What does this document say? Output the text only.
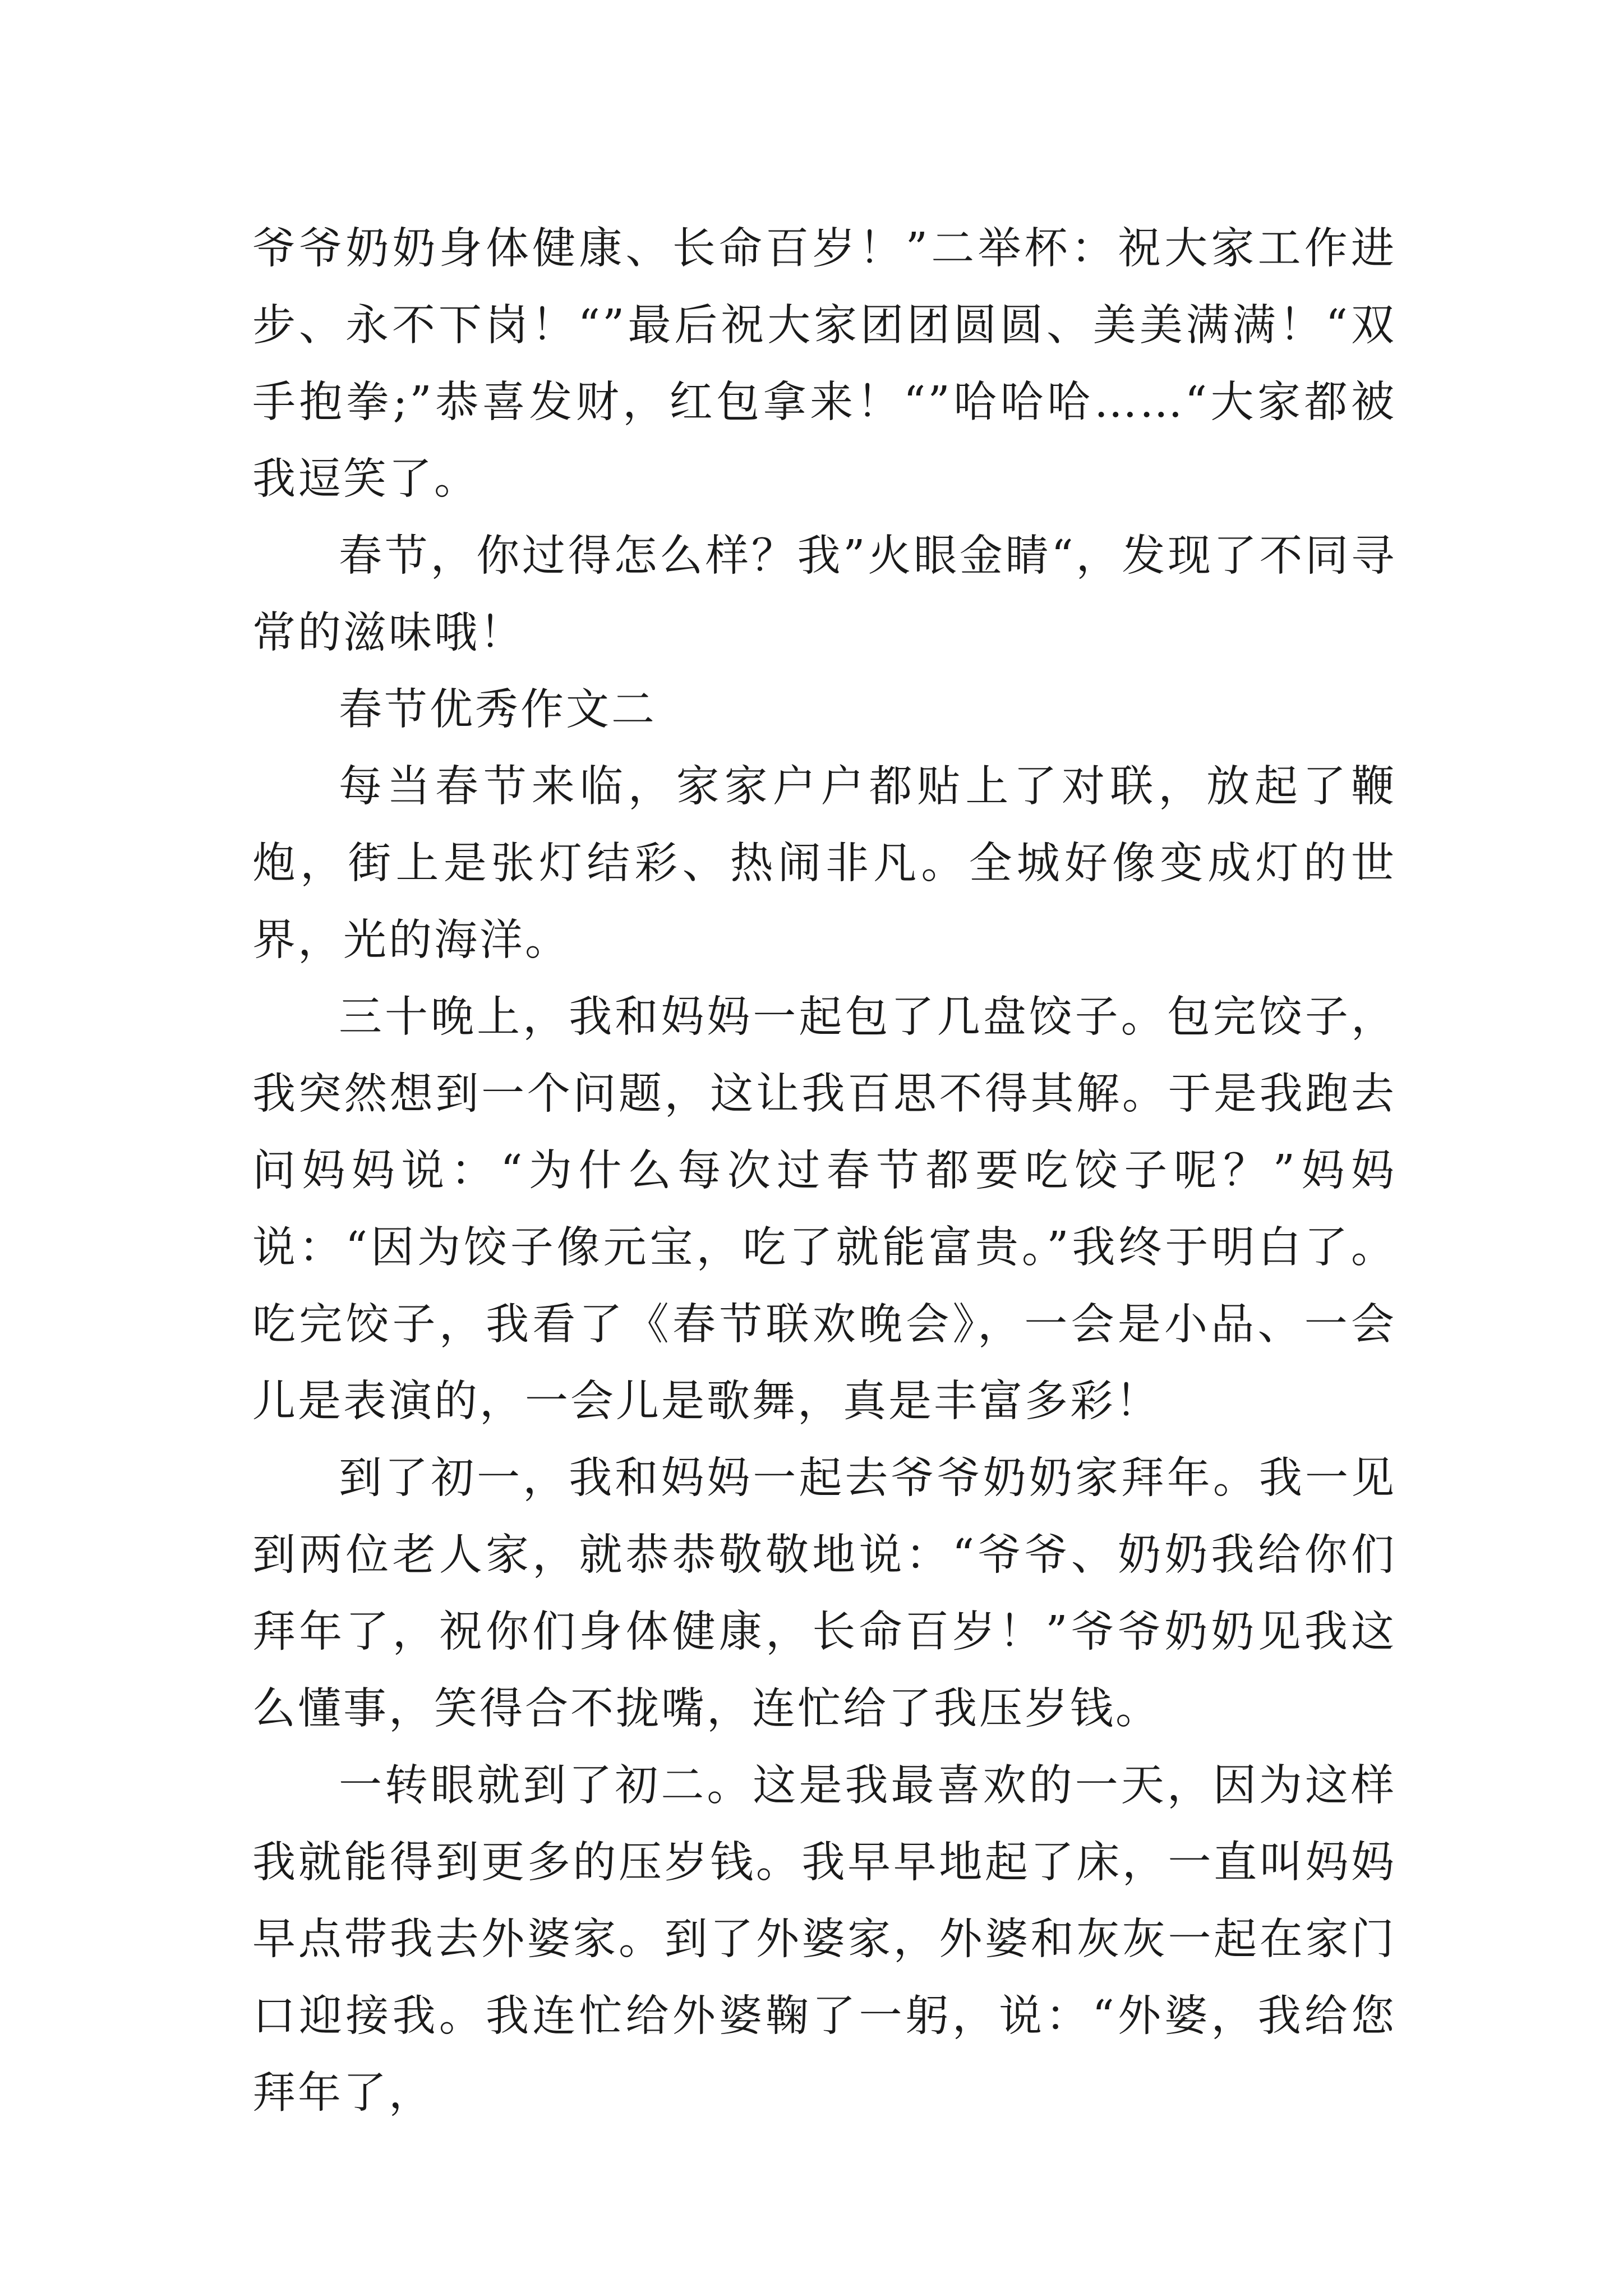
爷爷奶奶身体健康、长命百岁！”二举杯：祝大家工作进步、永不下岗！“”最后祝大家团团圆圆、美美满满！“双手抱拳;”恭喜发财，红包拿来！“”哈哈哈……“大家都被我逗笑了。

春节，你过得怎么样？我”火眼金睛“，发现了不同寻常的滋味哦！

春节优秀作文二

每当春节来临，家家户户都贴上了对联，放起了鞭炮，街上是张灯结彩、热闹非凡。全城好像变成灯的世界，光的海洋。

三十晚上，我和妈妈一起包了几盘饺子。包完饺子，我突然想到一个问题，这让我百思不得其解。于是我跑去问妈妈说：“为什么每次过春节都要吃饺子呢？”妈妈说：“因为饺子像元宝，吃了就能富贵。”我终于明白了。吃完饺子，我看了《春节联欢晚会》，一会是小品、一会儿是表演的，一会儿是歌舞，真是丰富多彩！

到了初一，我和妈妈一起去爷爷奶奶家拜年。我一见到两位老人家，就恭恭敬敬地说：“爷爷、奶奶我给你们拜年了，祝你们身体健康，长命百岁！”爷爷奶奶见我这么懂事，笑得合不拢嘴，连忙给了我压岁钱。

一转眼就到了初二。这是我最喜欢的一天，因为这样我就能得到更多的压岁钱。我早早地起了床，一直叫妈妈早点带我去外婆家。到了外婆家，外婆和灰灰一起在家门口迎接我。我连忙给外婆鞠了一躬，说：“外婆，我给您拜年了，
